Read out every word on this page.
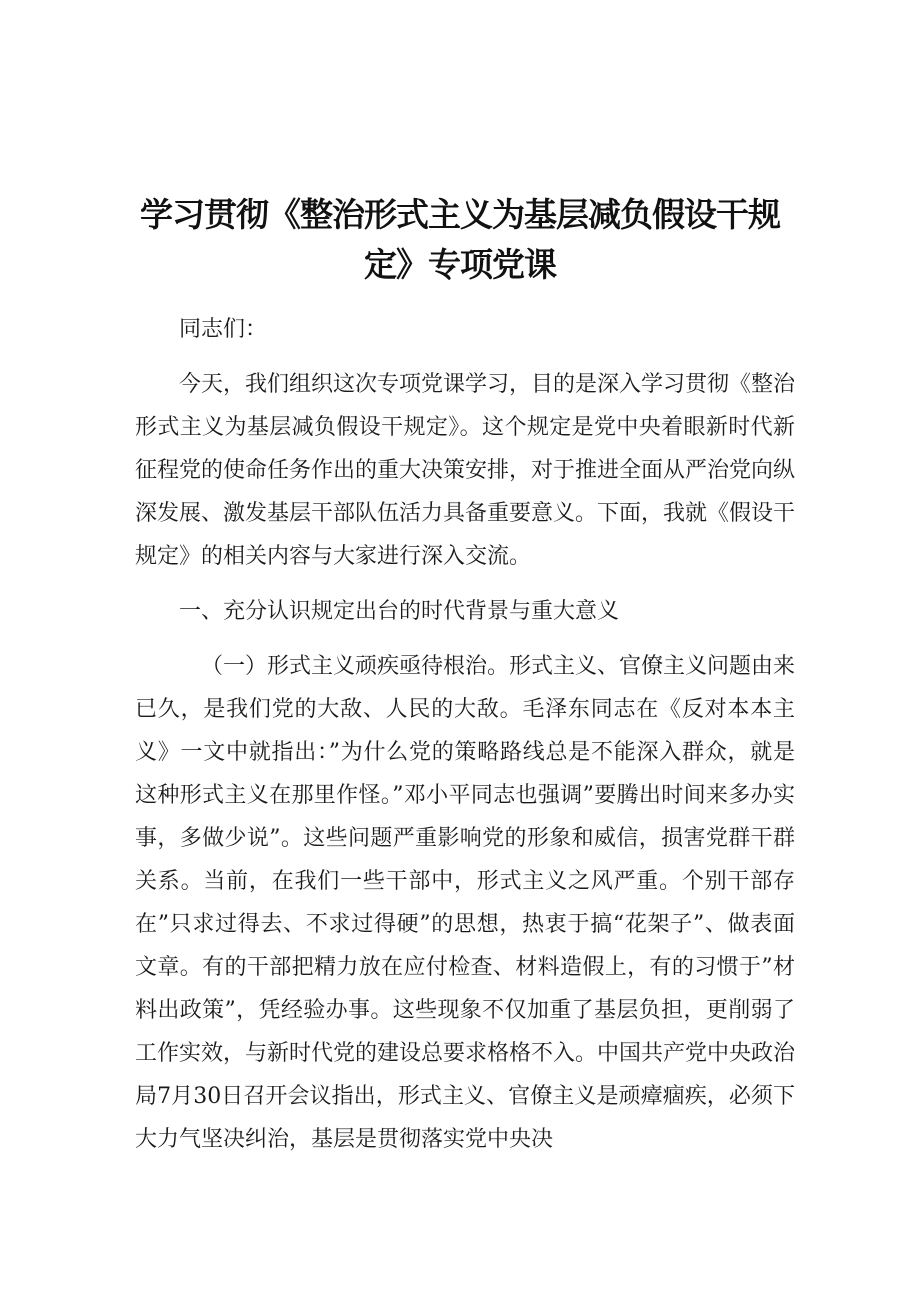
学习贯彻《整治形式主义为基层减负假设干规定》专项党课

同志们：

今天，我们组织这次专项党课学习，目的是深入学习贯彻《整治形式主义为基层减负假设干规定》。这个规定是党中央着眼新时代新征程党的使命任务作出的重大决策安排，对于推进全面从严治党向纵深发展、激发基层干部队伍活力具备重要意义。下面，我就《假设干规定》的相关内容与大家进行深入交流。

一、充分认识规定出台的时代背景与重大意义

（一）形式主义顽疾亟待根治。形式主义、官僚主义问题由来已久，是我们党的大敌、人民的大敌。毛泽东同志在《反对本本主义》一文中就指出：”为什么党的策略路线总是不能深入群众，就是这种形式主义在那里作怪。”邓小平同志也强调”要腾出时间来多办实事，多做少说”。这些问题严重影响党的形象和威信，损害党群干群关系。当前，在我们一些干部中，形式主义之风严重。个别干部存在”只求过得去、不求过得硬”的思想，热衷于搞“花架子”、做表面文章。有的干部把精力放在应付检查、材料造假上，有的习惯于”材料出政策”，凭经验办事。这些现象不仅加重了基层负担，更削弱了工作实效，与新时代党的建设总要求格格不入。中国共产党中央政治局7月30日召开会议指出，形式主义、官僚主义是顽瘴痼疾，必须下大力气坚决纠治，基层是贯彻落实党中央决
